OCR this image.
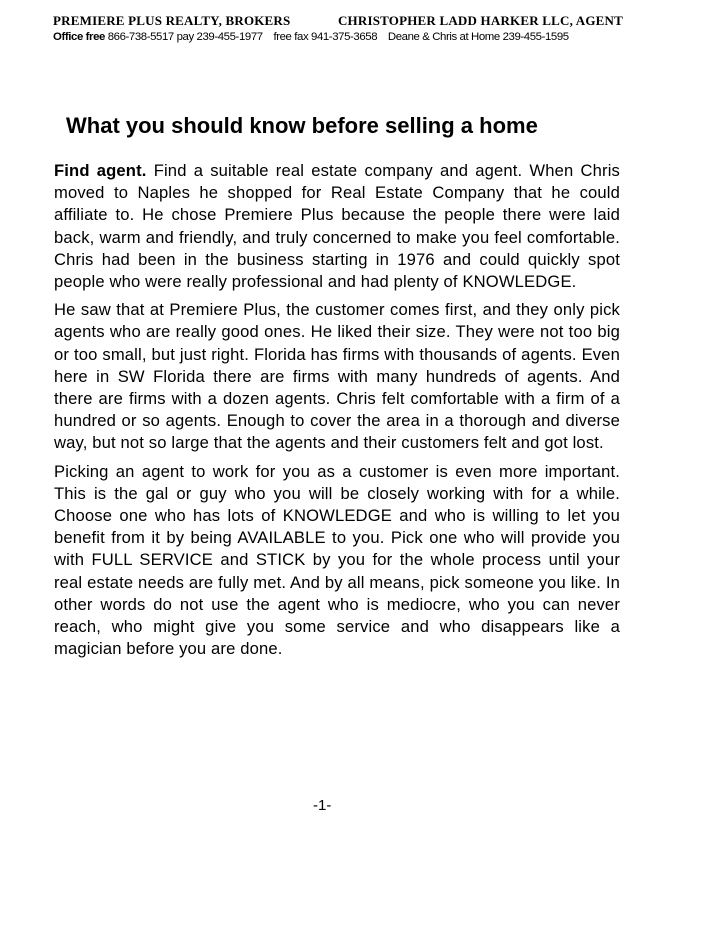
PREMIERE PLUS REALTY, BROKERS	CHRISTOPHER LADD HARKER LLC, AGENT
Office free 866-738-5517 pay 239-455-1977 free fax 941-375-3658 Deane & Chris at Home 239-455-1595
What you should know before selling a home

Find agent. Find a suitable real estate company and agent. When Chris moved to Naples he shopped for Real Estate Company that he could affiliate to. He chose Premiere Plus because the people there were laid back, warm and friendly, and truly concerned to make you feel comfortable. Chris had been in the business starting in 1976 and could quickly spot people who were really professional and had plenty of KNOWLEDGE.

He saw that at Premiere Plus, the customer comes first, and they only pick agents who are really good ones. He liked their size. They were not too big or too small, but just right. Florida has firms with thousands of agents. Even here in SW Florida there are firms with many hundreds of agents. And there are firms with a dozen agents. Chris felt comfortable with a firm of a hundred or so agents. Enough to cover the area in a thorough and diverse way, but not so large that the agents and their customers felt and got lost.

Picking an agent to work for you as a customer is even more important. This is the gal or guy who you will be closely working with for a while. Choose one who has lots of KNOWLEDGE and who is willing to let you benefit from it by being AVAILABLE to you. Pick one who will provide you with FULL SERVICE and STICK by you for the whole process until your real estate needs are fully met. And by all means, pick someone you like. In other words do not use the agent who is mediocre, who you can never reach, who might give you some service and who disappears like a magician before you are done.

-1-
